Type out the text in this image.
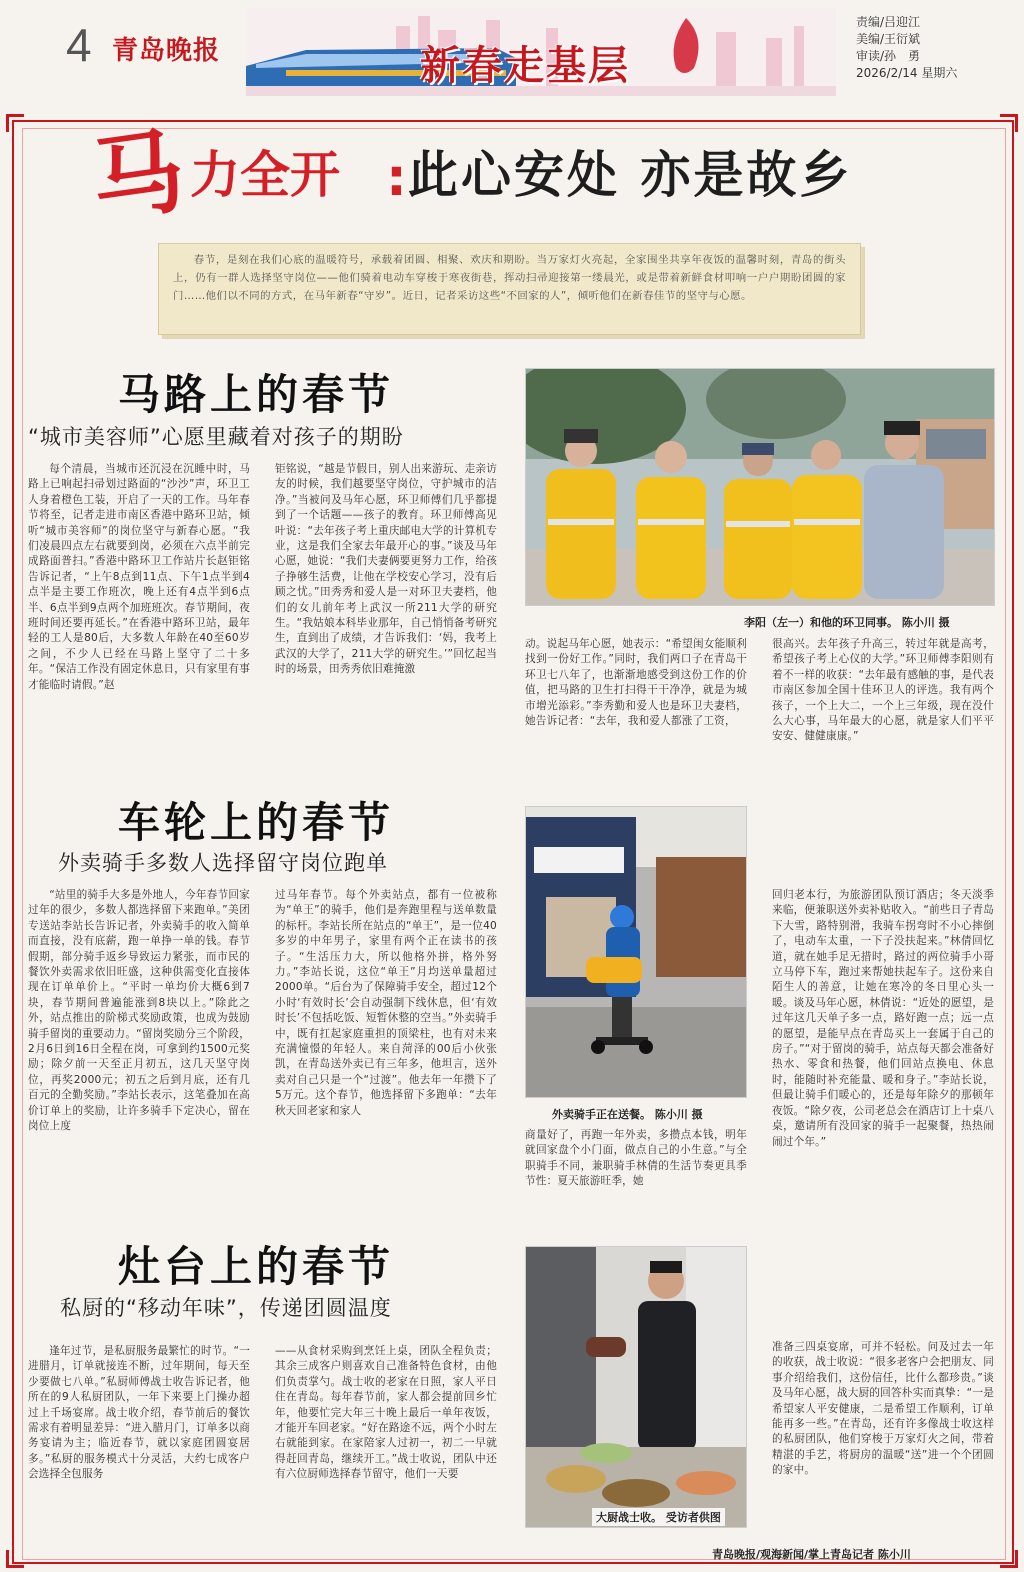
4 青岛晚报	新春走基层
责编/吕迎江
美编/王衍斌
审读/孙　勇
2026/2/14 星期六
马
力全开 : 此心安处 亦是故乡
春节，是刻在我们心底的温暖符号，承载着团圆、相聚、欢庆和期盼。当万家灯火亮起，全家围坐共享年夜饭的温馨时刻，青岛的街头上，仍有一群人选择坚守岗位——他们骑着电动车穿梭于寒夜街巷，挥动扫帚迎接第一缕晨光，或是带着新鲜食材叩响一户户期盼团圆的家门……他们以不同的方式，在马年新春“守岁”。近日，记者采访这些“不回家的人”，倾听他们在新春佳节的坚守与心愿。
马路上的春节
“城市美容师”心愿里藏着对孩子的期盼

每个清晨，当城市还沉浸在沉睡中时，马路上已响起扫帚划过路面的“沙沙”声，环卫工人身着橙色工装，开启了一天的工作。马年春节将至，记者走进市南区香港中路环卫站，倾听“城市美容师”的岗位坚守与新春心愿。“我们凌晨四点左右就要到岗，必须在六点半前完成路面普扫。”香港中路环卫工作站片长赵钜铭告诉记者，“上午8点到11点、下午1点半到4点半是主要工作班次，晚上还有4点半到6点半、6点半到9点两个加班班次。春节期间，夜班时间还要再延长。”在香港中路环卫站，最年轻的工人是80后，大多数人年龄在40至60岁之间，不少人已经在马路上坚守了二十多年。“保洁工作没有固定休息日，只有家里有事才能临时请假。”赵

钜铭说，“越是节假日，别人出来游玩、走亲访友的时候，我们越要坚守岗位，守护城市的洁净。”当被问及马年心愿，环卫师傅们几乎都提到了一个话题——孩子的教育。环卫师傅高见叶说：“去年孩子考上重庆邮电大学的计算机专业，这是我们全家去年最开心的事。”谈及马年心愿，她说：“我们夫妻俩要更努力工作，给孩子挣够生活费，让他在学校安心学习，没有后顾之忧。”田秀秀和爱人是一对环卫夫妻档，他们的女儿前年考上武汉一所211大学的研究生。“我姑娘本科毕业那年，自己悄悄备考研究生，直到出了成绩，才告诉我们：‘妈，我考上武汉的大学了，211大学的研究生。’”回忆起当时的场景，田秀秀依旧难掩激

李阳（左一）和他的环卫同事。 陈小川 摄

动。说起马年心愿，她表示：“希望闺女能顺利找到一份好工作。”同时，我们两口子在青岛干环卫七八年了，也渐渐地感受到这份工作的价值，把马路的卫生打扫得干干净净，就是为城市增光添彩。”李秀勤和爱人也是环卫夫妻档，她告诉记者：“去年，我和爱人都涨了工资，

很高兴。去年孩子升高三，转过年就是高考，希望孩子考上心仪的大学。”环卫师傅李阳则有着不一样的收获：“去年最有感触的事，是代表市南区参加全国十佳环卫人的评选。我有两个孩子，一个上大二，一个上三年级，现在没什么大心事，马年最大的心愿，就是家人们平平安安、健健康康。”

车轮上的春节
外卖骑手多数人选择留守岗位跑单

“站里的骑手大多是外地人，今年春节回家过年的很少，多数人都选择留下来跑单。”美团专送站李站长告诉记者，外卖骑手的收入简单而直接，没有底薪，跑一单挣一单的钱。春节假期，部分骑手返乡导致运力紧张，而市民的餐饮外卖需求依旧旺盛，这种供需变化直接体现在订单单价上。“平时一单均价大概6到7块，春节期间普遍能涨到8块以上。”除此之外，站点推出的阶梯式奖励政策，也成为鼓励骑手留岗的重要动力。“留岗奖励分三个阶段，2月6日到16日全程在岗，可拿到约1500元奖励；除夕前一天至正月初五，这几天坚守岗位，再奖2000元；初五之后到月底，还有几百元的全勤奖励。”李站长表示，这笔叠加在高价订单上的奖励，让许多骑手下定决心，留在岗位上度

过马年春节。每个外卖站点，都有一位被称为“单王”的骑手，他们是奔跑里程与送单数量的标杆。李站长所在站点的“单王”，是一位40多岁的中年男子，家里有两个正在读书的孩子。“生活压力大，所以他格外拼，格外努力。”李站长说，这位“单王”月均送单量超过2000单。“后台为了保障骑手安全，超过12个小时‘有效时长’会自动强制下线休息，但‘有效时长’不包括吃饭、短暂休整的空当。”外卖骑手中，既有扛起家庭重担的顶梁柱，也有对未来充满憧憬的年轻人。来自菏泽的00后小伙张凯，在青岛送外卖已有三年多，他坦言，送外卖对自己只是一个“过渡”。他去年一年攒下了5万元。这个春节，他选择留下多跑单：“去年秋天回老家和家人	外卖骑手正在送餐。 陈小川 摄

商量好了，再跑一年外卖，多攒点本钱，明年就回家盘个小门面，做点自己的小生意。”与全职骑手不同，兼职骑手林倩的生活节奏更具季节性：夏天旅游旺季，她

回归老本行，为旅游团队预订酒店；冬天淡季来临，便兼职送外卖补贴收入。“前些日子青岛下大雪，路特别滑，我骑车拐弯时不小心摔倒了，电动车太重，一下子没扶起来。”林倩回忆道，就在她手足无措时，路过的两位骑手小哥立马停下车，跑过来帮她扶起车子。这份来自陌生人的善意，让她在寒冷的冬日里心头一暖。谈及马年心愿，林倩说：“近处的愿望，是过年这几天单子多一点，路好跑一点；远一点的愿望，是能早点在青岛买上一套属于自己的房子。”“对于留岗的骑手，站点每天都会准备好热水、零食和热餐，他们回站点换电、休息时，能随时补充能量、暖和身子。”李站长说，但最让骑手们暖心的，还是每年除夕的那顿年夜饭。“除夕夜，公司老总会在酒店订上十桌八桌，邀请所有没回家的骑手一起聚餐，热热闹闹过个年。”

灶台上的春节
私厨的“移动年味”，传递团圆温度

逢年过节，是私厨服务最繁忙的时节。“一进腊月，订单就接连不断，过年期间，每天至少要做七八单。”私厨师傅战士收告诉记者，他所在的9人私厨团队，一年下来要上门操办超过上千场宴席。战士收介绍，春节前后的餐饮需求有着明显差异：“进入腊月门，订单多以商务宴请为主；临近春节，就以家庭团圆宴居多。”私厨的服务模式十分灵活，大约七成客户会选择全包服务

——从食材采购到烹饪上桌，团队全程负责；其余三成客户则喜欢自己准备特色食材，由他们负责掌勺。战士收的老家在日照，家人平日住在青岛。每年春节前，家人都会提前回乡忙年，他要忙完大年三十晚上最后一单年夜饭，才能开车回老家。“好在路途不远，两个小时左右就能到家。在家陪家人过初一，初二一早就得赶回青岛，继续开工。”战士收说，团队中还有六位厨师选择春节留守，他们一天要

大厨战士收。 受访者供图

准备三四桌宴席，可并不轻松。问及过去一年的收获，战士收说：“很多老客户会把朋友、同事介绍给我们，这份信任，比什么都珍贵。”谈及马年心愿，战大厨的回答朴实而真挚：“一是希望家人平安健康，二是希望工作顺利，订单能再多一些。”在青岛，还有许多像战士收这样的私厨团队，他们穿梭于万家灯火之间，带着精湛的手艺，将厨房的温暖“送”进一个个团圆的家中。

青岛晚报/观海新闻/掌上青岛记者 陈小川
